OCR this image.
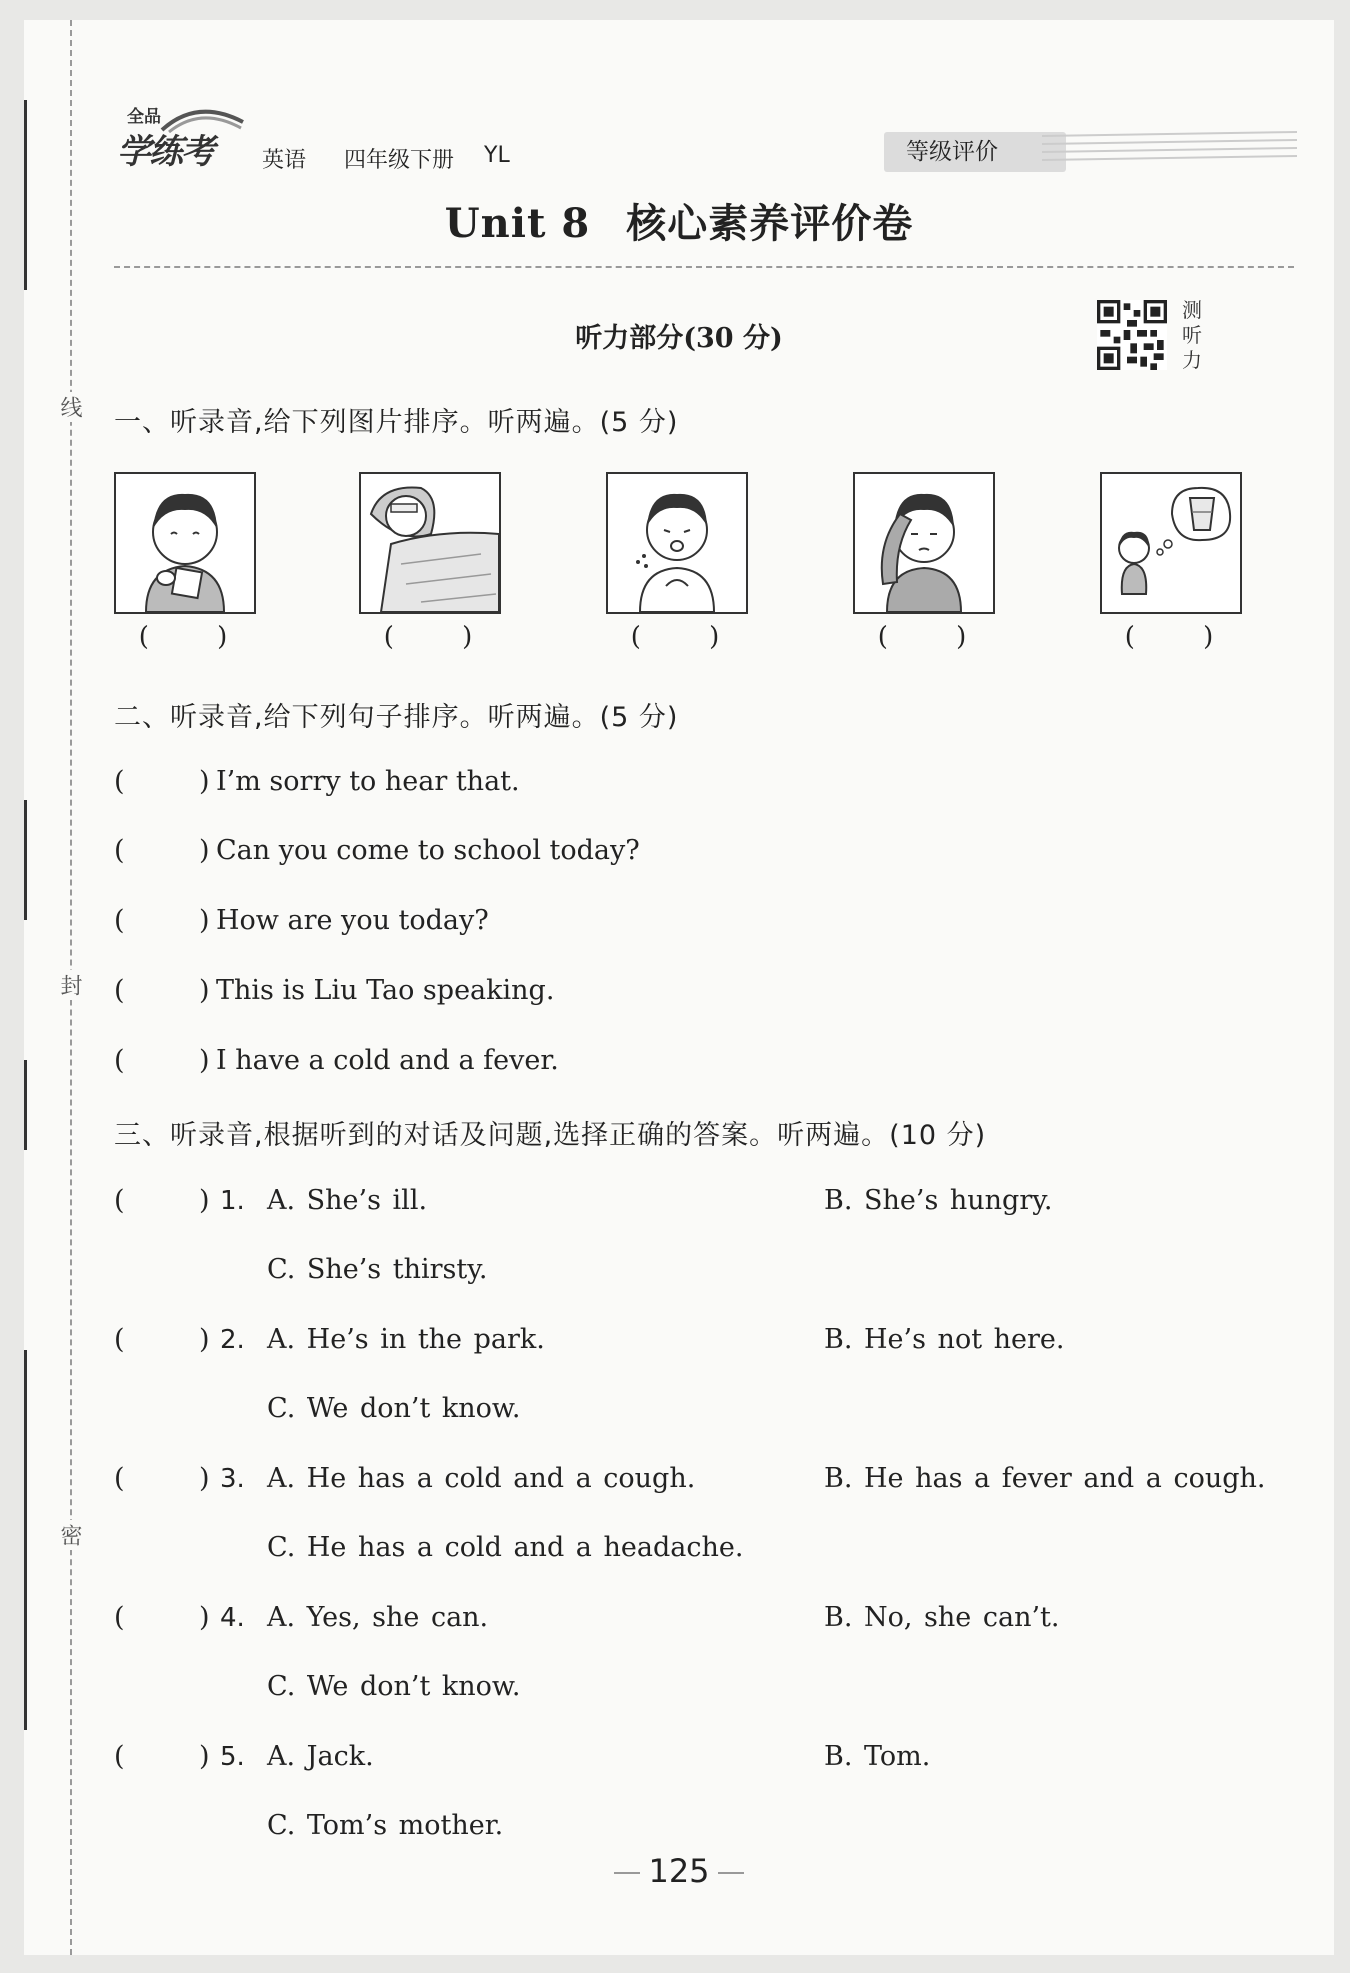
线
封
密
全品
学练考 英语 四年级下册 YL	等级评价
Unit 8 核心素养评价卷
听力部分(30 分)
测
听
力
一、听录音,给下列图片排序。听两遍。(5 分)
( )	( )	( )	( )	( )
二、听录音,给下列句子排序。听两遍。(5 分)
(	) I’m sorry to hear that.
(	) Can you come to school today?
(	) How are you today?
(	) This is Liu Tao speaking.
(	) I have a cold and a fever.
三、听录音,根据听到的对话及问题,选择正确的答案。听两遍。(10 分)
(	) 1. A. She’s ill.	B. She’s hungry.
C. She’s thirsty.
(	) 2. A. He’s in the park.	B. He’s not here.
C. We don’t know.
(	) 3. A. He has a cold and a cough.	B. He has a fever and a cough.
C. He has a cold and a headache.
(	) 4. A. Yes, she can.	B. No, she can’t.
C. We don’t know.
(	) 5. A. Jack.	B. Tom.
C. Tom’s mother.
125
